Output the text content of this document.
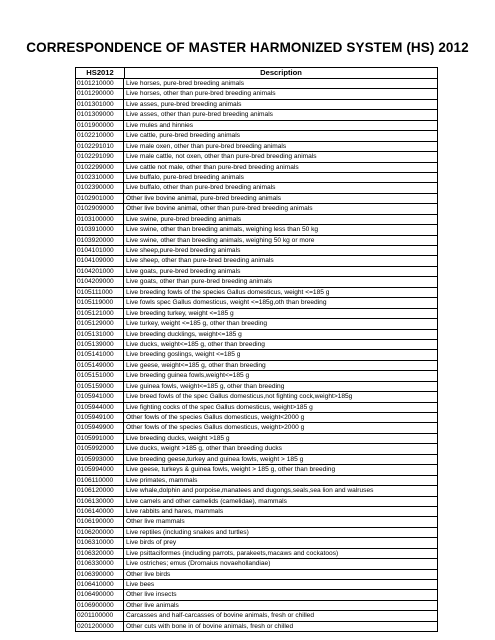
CORRESPONDENCE OF MASTER HARMONIZED SYSTEM (HS) 2012
HS2012	Description
0101210000	Live horses, pure-bred breeding animals
0101290000	Live horses, other than pure-bred breeding animals
0101301000	Live asses, pure-bred breeding animals
0101309000	Live asses, other than pure-bred breeding animals
0101900000	Live mules and hinnies
0102210000	Live cattle, pure-bred breeding animals
0102291010	Live male oxen, other than pure-bred breeding animals
0102291090	Live male cattle, not oxen, other than pure-bred breeding animals
0102299000	Live cattle not male, other than pure-bred breeding animals
0102310000	Live buffalo, pure-bred breeding animals
0102390000	Live buffalo, other than pure-bred breeding animals
0102901000	Other live bovine animal, pure-bred breeding animals
0102909000	Other live bovine animal, other than pure-bred breeding animals
0103100000	Live swine, pure-bred breeding animals
0103910000	Live swine, other than breeding animals, weighing less than 50 kg
0103920000	Live swine, other than breeding animals, weighing 50 kg or more
0104101000	Live sheep,pure-bred breeding animals
0104109000	Live sheep, other than pure-bred breeding animals
0104201000	Live goats, pure-bred breeding animals
0104209000	Live goats, other than pure-bred breeding animals
0105111000	Live breeding fowls of the species Gallus domesticus, weight <=185 g
0105119000	Live fowls spec Gallus domesticus, weight <=185g,oth than breeding
0105121000	Live breeding turkey, weight <=185 g
0105129000	Live turkey, weight <=185 g, other than breeding
0105131000	Live breeding ducklings, weight<=185 g
0105139000	Live ducks, weight<=185 g, other than breeding
0105141000	Live breeding goslings, weight <=185 g
0105149000	Live geese, weight<=185 g, other than breeding
0105151000	Live breeding guinea fowls,weight<=185 g
0105159000	Live guinea fowls, weight<=185 g, other than breeding
0105941000	Live breed fowls of the spec Gallus domesticus,not fighting cock,weight>185g
0105944000	Live fighting cocks of the spec Gallus domesticus, weight>185 g
0105949100	Other fowls of the species Gallus domesticus, weight<2000 g
0105949900	Other fowls of the species Gallus domesticus, weight>2000 g
0105991000	Live breeding ducks, weight >185 g
0105992000	Live ducks, weight >185 g, other than breeding ducks
0105993000	Live breeding geese,turkey and guinea fowls, weight > 185 g
0105994000	Live geese, turkeys & guinea fowls, weight > 185 g, other than breeding
0106110000	Live primates, mammals
0106120000	Live whale,dolphin and porpoise,manatees and dugongs,seals,sea lion and walruses
0106130000	Live camels and other camelids (camelidae), mammals
0106140000	Live rabbits and hares, mammals
0106190000	Other live mammals
0106200000	Live reptiles (including snakes and turtles)
0106310000	Live birds of prey
0106320000	Live psittaciformes (including parrots, parakeets,macaws and cockatoos)
0106330000	Live ostriches; emus (Dromaius novaehollandiae)
0106390000	Other live birds
0106410000	Live bees
0106490000	Other live insects
0106900000	Other live animals
0201100000	Carcasses and half-carcasses of bovine animals, fresh or chilled
0201200000	Other cuts with bone in of bovine animals, fresh or chilled
